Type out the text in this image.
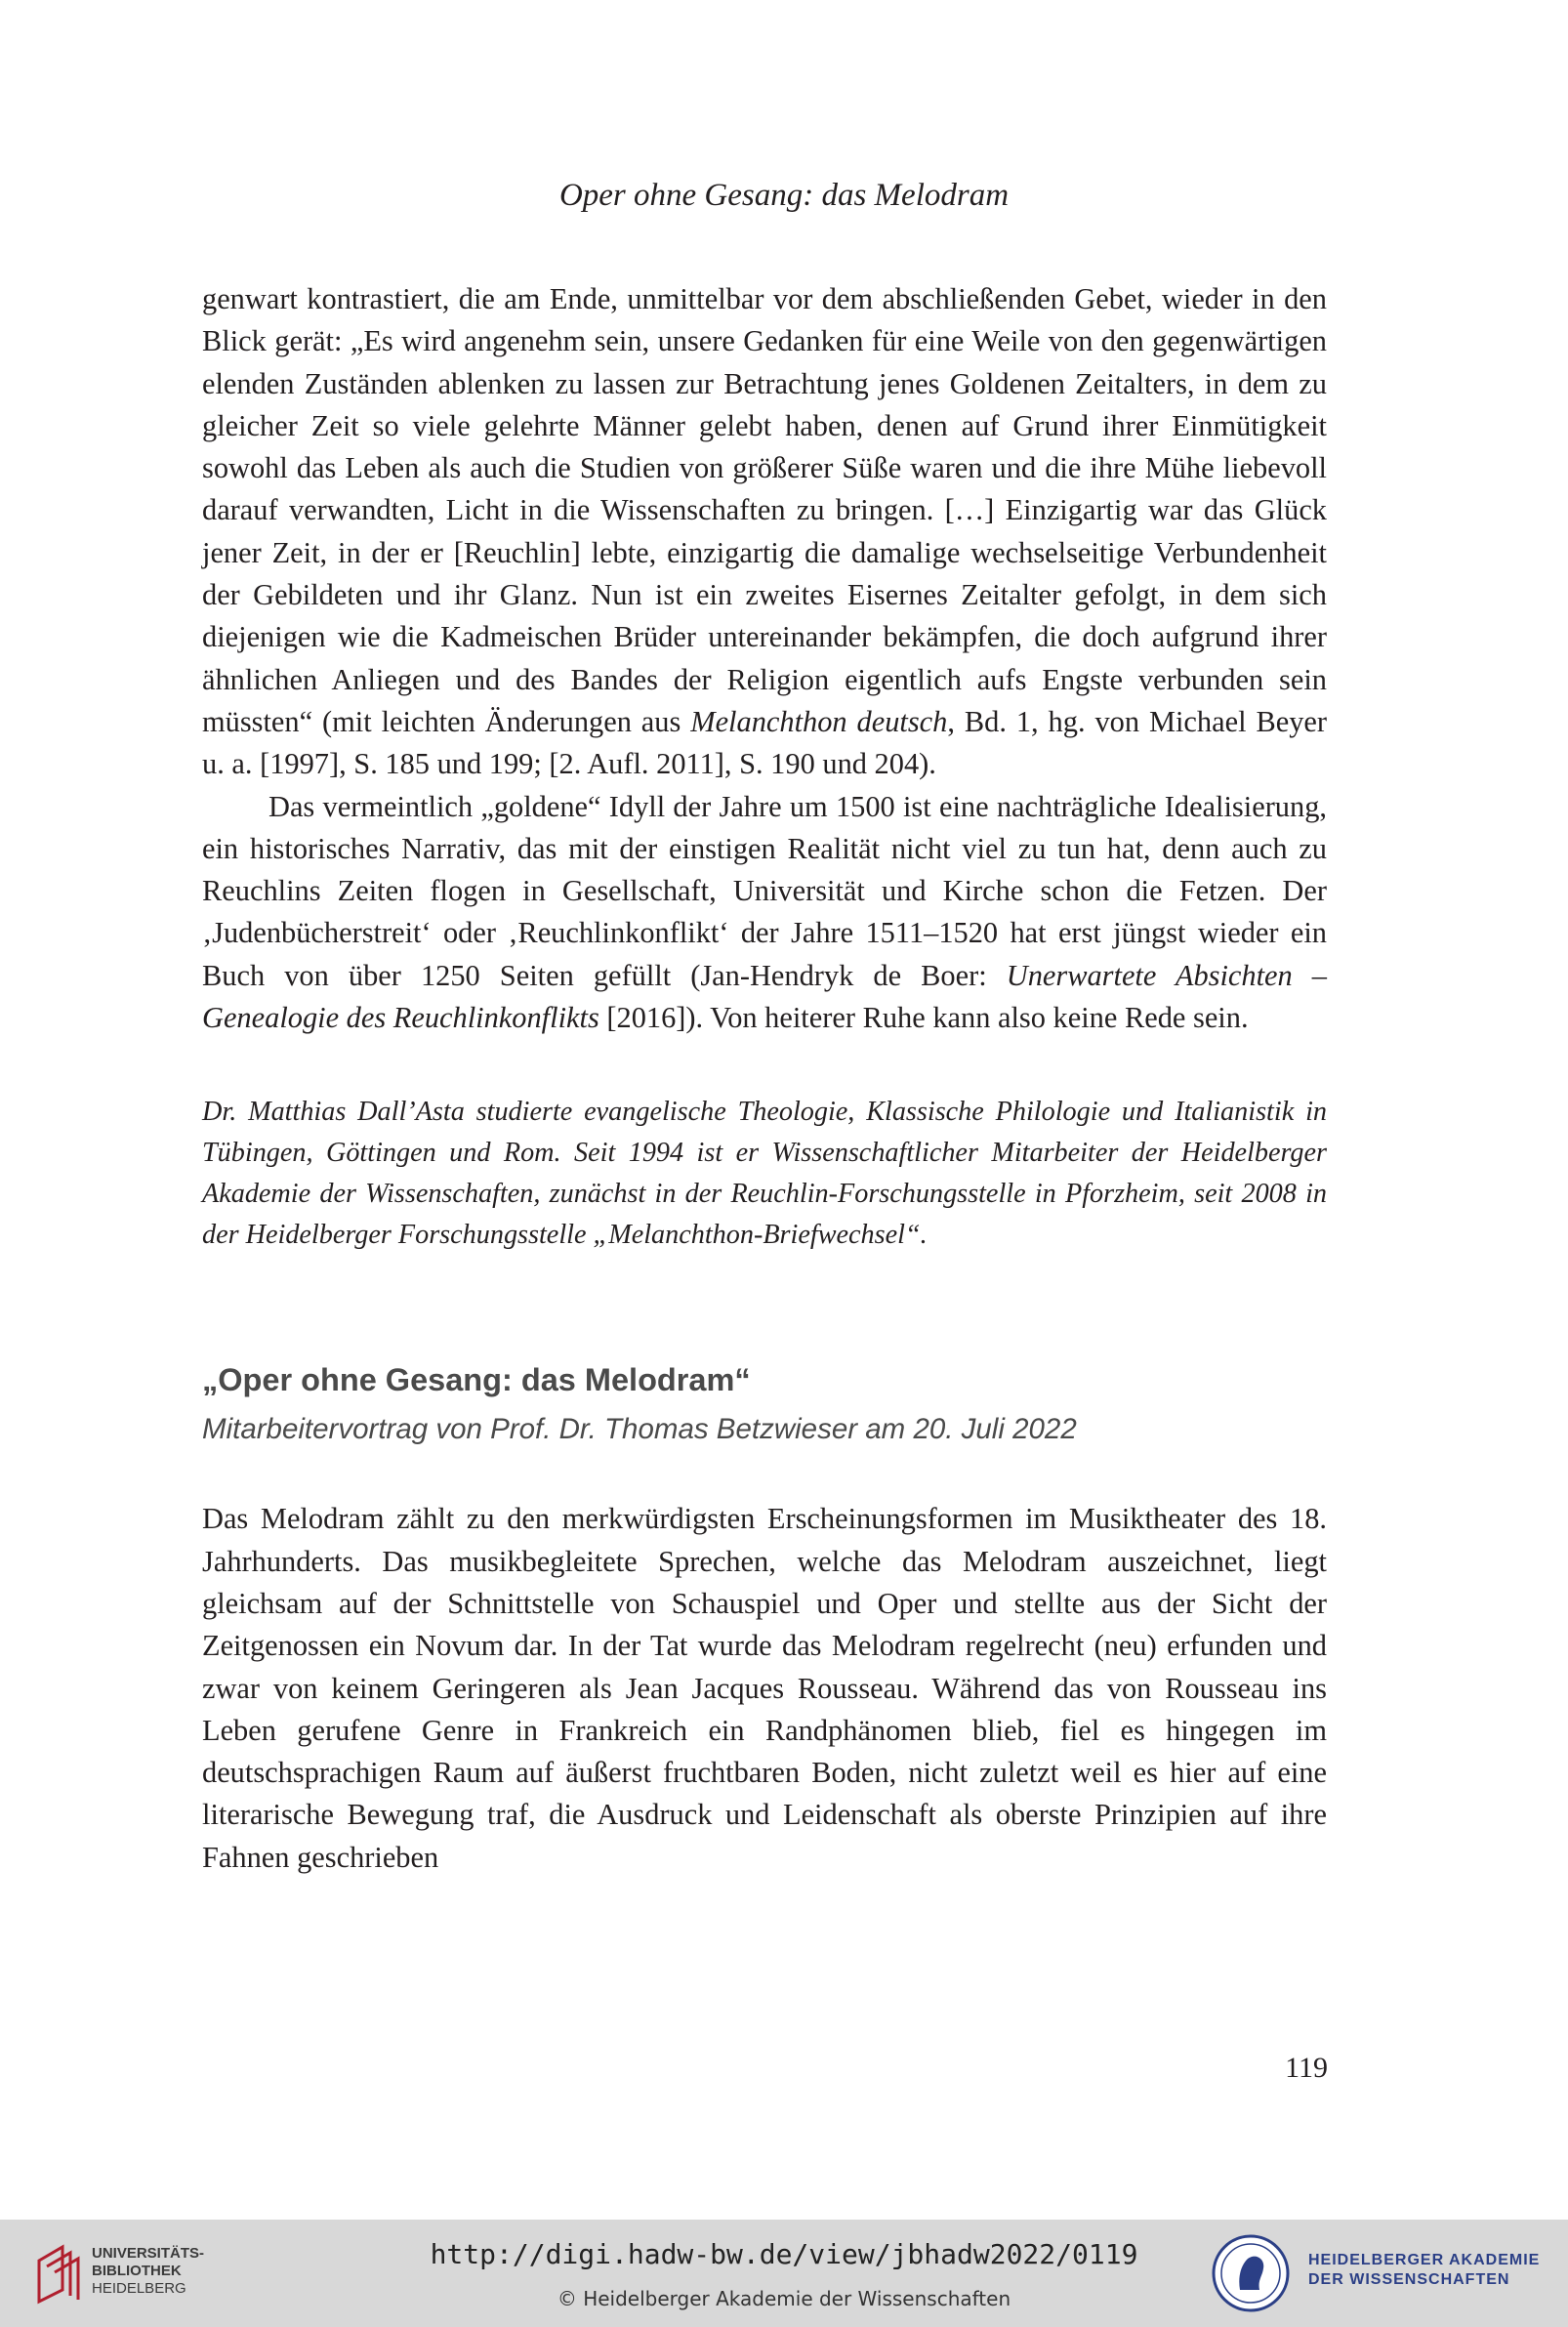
Oper ohne Gesang: das Melodram

genwart kontrastiert, die am Ende, unmittelbar vor dem abschließenden Gebet, wieder in den Blick gerät: „Es wird angenehm sein, unsere Gedanken für eine Weile von den gegenwärtigen elenden Zuständen ablenken zu lassen zur Betrachtung jenes Goldenen Zeitalters, in dem zu gleicher Zeit so viele gelehrte Männer gelebt haben, denen auf Grund ihrer Einmütigkeit sowohl das Leben als auch die Studien von größerer Süße waren und die ihre Mühe liebevoll darauf verwandten, Licht in die Wissenschaften zu bringen. […] Einzigartig war das Glück jener Zeit, in der er [Reuchlin] lebte, einzigartig die damalige wechselseitige Verbundenheit der Gebildeten und ihr Glanz. Nun ist ein zweites Eisernes Zeitalter gefolgt, in dem sich diejenigen wie die Kadmeischen Brüder untereinander bekämpfen, die doch aufgrund ihrer ähnlichen Anliegen und des Bandes der Religion eigentlich aufs Engste verbunden sein müssten“ (mit leichten Änderungen aus Melanchthon deutsch, Bd. 1, hg. von Michael Beyer u. a. [1997], S. 185 und 199; [2. Aufl. 2011], S. 190 und 204).

Das vermeintlich „goldene“ Idyll der Jahre um 1500 ist eine nachträgliche Idealisierung, ein historisches Narrativ, das mit der einstigen Realität nicht viel zu tun hat, denn auch zu Reuchlins Zeiten flogen in Gesellschaft, Universität und Kirche schon die Fetzen. Der ‚Judenbücherstreit‘ oder ‚Reuchlinkonflikt‘ der Jahre 1511–1520 hat erst jüngst wieder ein Buch von über 1250 Seiten gefüllt (Jan-Hendryk de Boer: Unerwartete Absichten – Genealogie des Reuchlinkonflikts [2016]). Von heiterer Ruhe kann also keine Rede sein.

Dr. Matthias Dall’Asta studierte evangelische Theologie, Klassische Philologie und Italianistik in Tübingen, Göttingen und Rom. Seit 1994 ist er Wissenschaftlicher Mitarbeiter der Heidelberger Akademie der Wissenschaften, zunächst in der Reuchlin-Forschungsstelle in Pforzheim, seit 2008 in der Heidelberger Forschungsstelle „Melanchthon-Briefwechsel“.

„Oper ohne Gesang: das Melodram“

Mitarbeitervortrag von Prof. Dr. Thomas Betzwieser am 20. Juli 2022

Das Melodram zählt zu den merkwürdigsten Erscheinungsformen im Musiktheater des 18. Jahrhunderts. Das musikbegleitete Sprechen, welche das Melodram auszeichnet, liegt gleichsam auf der Schnittstelle von Schauspiel und Oper und stellte aus der Sicht der Zeitgenossen ein Novum dar. In der Tat wurde das Melodram regelrecht (neu) erfunden und zwar von keinem Geringeren als Jean Jacques Rousseau. Während das von Rousseau ins Leben gerufene Genre in Frankreich ein Randphänomen blieb, fiel es hingegen im deutschsprachigen Raum auf äußerst fruchtbaren Boden, nicht zuletzt weil es hier auf eine literarische Bewegung traf, die Ausdruck und Leidenschaft als oberste Prinzipien auf ihre Fahnen geschrieben

119
UNIVERSITÄTS-
BIBLIOTHEK
HEIDELBERG
http://digi.hadw-bw.de/view/jbhadw2022/0119
© Heidelberger Akademie der Wissenschaften
HEIDELBERGER AKADEMIE
DER WISSENSCHAFTEN
